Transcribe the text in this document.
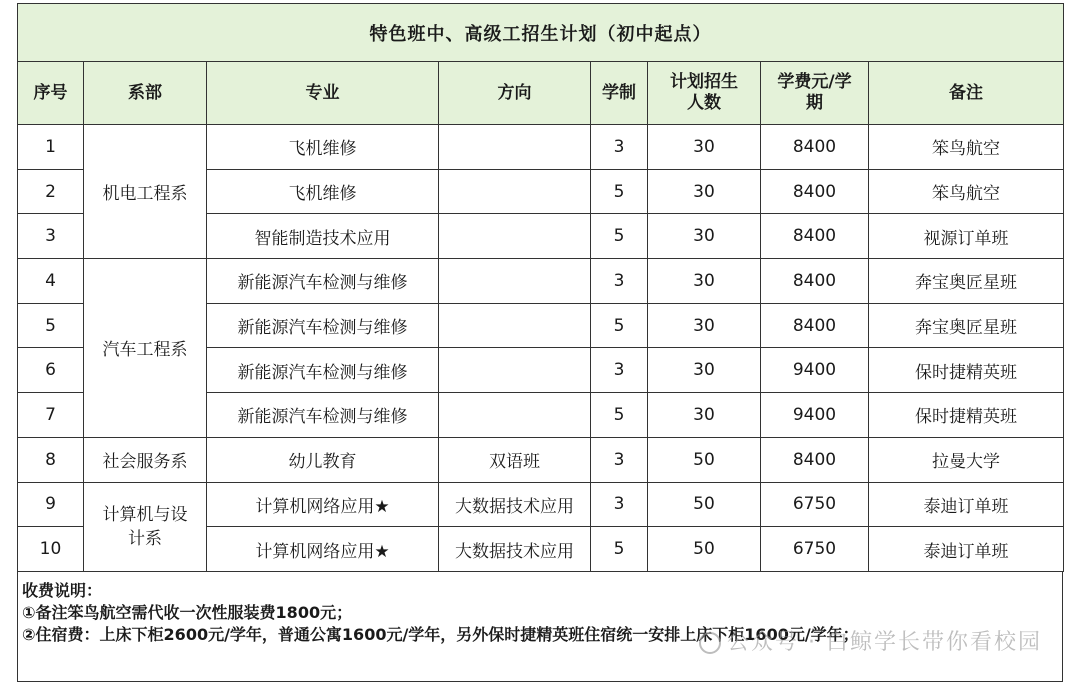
特色班中、高级工招生计划（初中起点）							
序号	系部	专业	方向	学制	计划招生人数	学费元/学期	备注
1	机电工程系	飞机维修		3	30	8400	笨鸟航空
2		飞机维修		5	30	8400	笨鸟航空
3		智能制造技术应用		5	30	8400	视源订单班
4	汽车工程系	新能源汽车检测与维修		3	30	8400	奔宝奥匠星班
5		新能源汽车检测与维修		5	30	8400	奔宝奥匠星班
6		新能源汽车检测与维修		3	30	9400	保时捷精英班
7		新能源汽车检测与维修		5	30	9400	保时捷精英班
8	社会服务系	幼儿教育	双语班	3	50	8400	拉曼大学
9	计算机与设计系	计算机网络应用★	大数据技术应用	3	50	6750	泰迪订单班
10		计算机网络应用★	大数据技术应用	5	50	6750	泰迪订单班
收费说明：
①备注笨鸟航空需代收一次性服装费1800元；
②住宿费：上床下柜2600元/学年，普通公寓1600元/学年，另外保时捷精英班住宿统一安排上床下柜1600元/学年；
公众号 · 白鲸学长带你看校园
